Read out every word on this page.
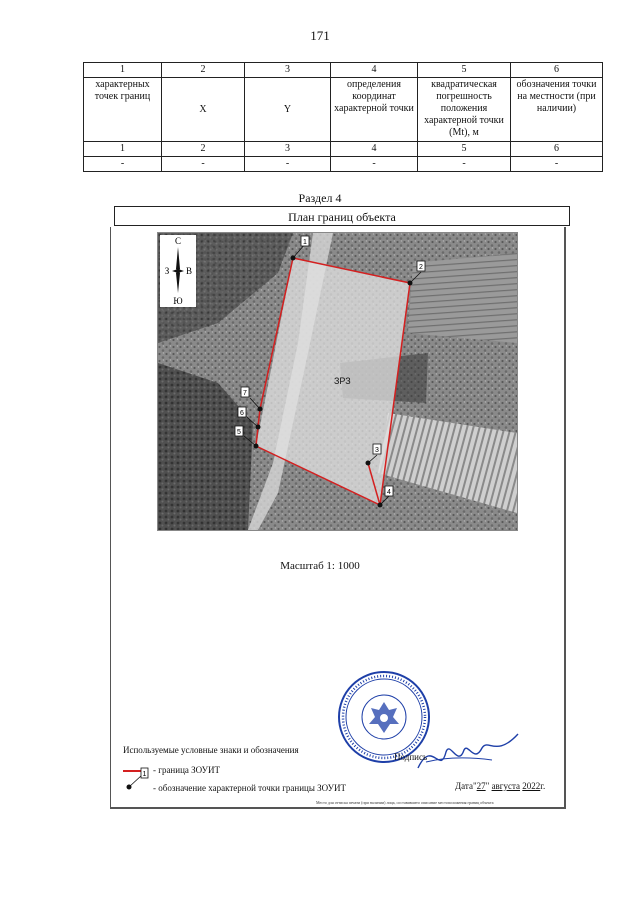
171
1	2	3	4	5	6
характерных точек границ	X	Y	определения координат характерной точки	квадратическая погрешность положения характерной точки (Mt), м	обозначения точки на местности (при наличии)
1	2	3	4	5	6
-	-	-	-	-	-
Раздел 4
План границ объекта
1
2
3
4
5
6
7
ЗРЗ
С
Ю
З В
Масштаб 1: 1000
Подпись
Используемые условные знаки и обозначения
- граница ЗОУИТ
1
- обозначение характерной точки границы ЗОУИТ	Дата"27" августа 2022г.
Место для оттиска печати (при наличии) лица, составившего описание местоположения границ объекта
